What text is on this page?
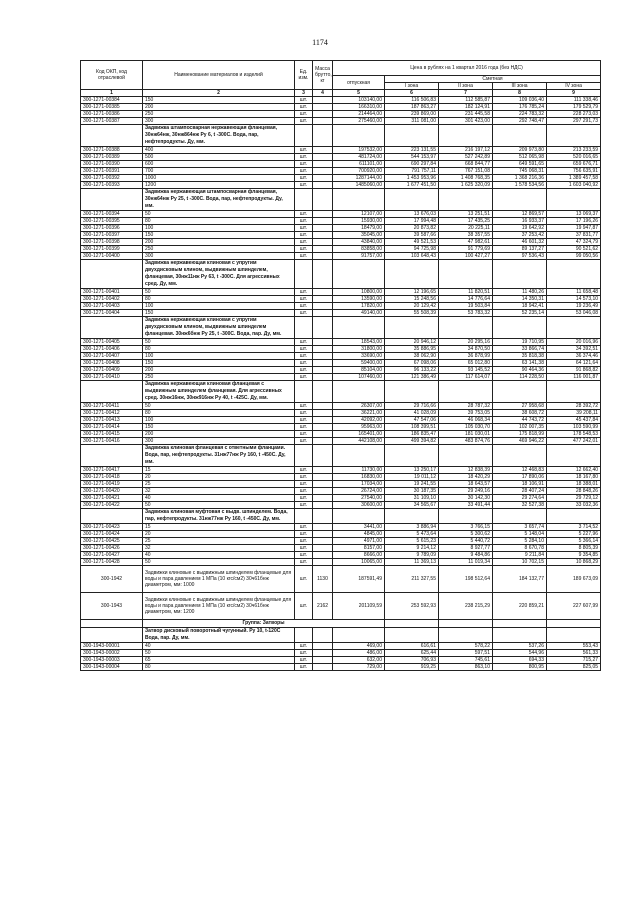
1174
Код ОКП, код отраслевой	Наименование материалов и изделий	Ед. изм.	Масса брутто, кг	Цена в рублях на 1 квартал 2016 года (без НДС)				
				отпускная	Сметная			
					I зона	II зона	III зона	IV зона

1	2	3	4	5	6	7	8	9
300-1271-00384	150	шт.		103140,00	116 506,83	112 585,87	109 036,40	111 338,46
300-1271-00385	200	шт.		166310,00	187 863,27	182 124,91	176 785,24	179 529,79
300-1271-00386	250	шт.		214464,00	239 869,00	231 445,58	224 783,32	228 273,03
300-1271-00387	300	шт.		275460,00	311 081,00	301 423,00	292 748,47	297 291,73
	Задвижка штампосварная нержавеющая фланцевая, 30нж64нж, 30нж864нж Ру 6, t -300С. Вода, пар, нефтепродукты. Ду, мм.							
300-1271-00388	400	шт.		197532,00	223 131,55	216 197,12	209 973,80	213 233,59
300-1271-00389	500	шт.		481724,00	544 153,97	527 242,89	512 065,98	520 016,65
300-1271-00390	600	шт.		611101,00	690 297,84	668 844,77	649 591,65	659 676,71
300-1271-00391	700	шт.		700920,00	791 757,11	767 151,08	745 068,31	756 635,91
300-1271-00392	1000	шт.		1287144,00	1 453 953,96	1 408 768,35	1 368 216,36	1 389 457,58
300-1271-00393	1200	шт.		1485060,00	1 677 451,50	1 625 320,09	1 578 534,56	1 603 040,92
	Задвижка нержавеющая штампосварная фланцевая, 30нж64нж Ру 25, t -300С. Вода, пар, нефтепродукты. Ду, мм.							
300-1271-00394	50	шт.		12107,00	13 676,03	13 251,51	12 869,57	13 069,37
300-1271-00395	80	шт.		15930,00	17 994,48	17 435,25	16 933,37	17 196,26
300-1271-00396	100	шт.		18479,00	20 873,82	20 225,11	19 642,92	19 947,87
300-1271-00397	150	шт.		35045,00	39 587,66	38 357,55	37 253,42	37 831,77
300-1271-00398	200	шт.		43840,00	49 521,53	47 982,61	46 601,32	47 324,79
300-1271-00399	250	шт.		83858,00	94 725,98	91 779,69	89 137,27	90 521,62
300-1271-00400	300	шт.		91757,00	103 648,43	100 427,27	97 536,43	99 050,56
	Задвижка нержавеющая клиновая с упругим двухдисковым клином, выдвижным шпинделем, фланцевая, 30нж11нж Ру 63, t -300С. Для агрессивных сред. Ду, мм.							
300-1271-00401	50	шт.		10800,00	12 196,65	11 820,51	11 480,26	11 658,48
300-1271-00402	80	шт.		13590,00	15 248,56	14 776,64	14 350,31	14 573,10
300-1271-00403	100	шт.		17820,00	20 129,42	19 503,84	18 942,41	19 236,49
300-1271-00404	150	шт.		49140,00	55 508,39	53 783,32	52 235,14	53 046,08
	Задвижка нержавеющая клиновая с упругим двухдисковым клином, выдвижным шпинделем фланцевая. 30нж6бнж Ру 25, t -300С. Вода, пар. Ду, мм.							
300-1271-00405	50	шт.		18543,00	20 946,12	20 295,16	19 710,95	20 016,96
300-1271-00406	80	шт.		31800,00	35 886,95	34 870,50	33 866,74	34 392,51
300-1271-00407	100	шт.		33690,00	38 062,90	36 878,99	35 818,38	36 374,46
300-1271-00408	150	шт.		59400,00	67 098,06	65 012,80	63 141,38	64 121,64
300-1271-00409	200	шт.		85104,00	96 133,22	93 145,52	90 464,36	91 868,82
300-1271-00410	250	шт.		107460,00	121 386,49	117 614,07	114 228,50	116 001,87
	Задвижка нержавеющая клиновая фланцевая с выдвижным шпинделем фланцевая. Для агрессивных сред. 30нж16нж, 30нж916нж Ру 40, t -425С. Ду, мм.							
300-1271-00411	50	шт.		26307,00	29 716,66	28 787,32	27 958,68	28 392,72
300-1271-00412	80	шт.		36221,00	41 028,09	39 753,05	38 608,72	39 208,11
300-1271-00413	100	шт.		42092,00	47 547,06	46 068,34	44 743,72	45 437,84
300-1271-00414	150	шт.		95963,00	108 399,51	105 030,70	102 007,35	103 590,99
300-1271-00415	200	шт.		165401,00	186 835,47	181 030,01	175 818,99	178 548,53
300-1271-00416	300	шт.		442108,00	499 394,82	483 874,76	469 946,22	477 242,01
	Задвижка клиновая фланцевая с ответными фланцами. Вода, пар, нефтепродукты. 31нж77нж Ру 160, t -450С. Ду, мм.							
300-1271-00417	15	шт.		11730,00	13 250,17	12 838,39	12 468,83	12 662,40
300-1271-00418	20	шт.		16830,00	19 011,12	18 420,29	17 890,06	18 167,80
300-1271-00419	25	шт.		17034,00	19 241,55	18 643,57	18 106,91	18 388,01
300-1271-00420	32	шт.		26724,00	30 187,35	29 249,16	28 407,24	28 848,26
300-1271-00421	40	шт.		27540,00	31 109,10	30 142,30	29 274,64	29 729,12
300-1271-00422	50	шт.		30600,00	34 565,67	33 491,44	32 527,38	33 032,36
	Задвижка клиновая муфтовая с выдв. шпинделем. Вода, пар, нефтепродукты. 31нж77нж Ру 160, t -450С. Ду, мм.							
300-1271-00423	15	шт.		3441,00	3 886,94	3 766,15	3 657,74	3 714,52
300-1271-00424	20	шт.		4845,00	5 473,64	5 300,62	5 148,04	5 227,96
300-1271-00425	25	шт.		4971,00	5 615,23	5 440,72	5 284,10	5 366,14
300-1271-00426	32	шт.		8157,00	9 214,12	8 927,77	8 670,78	8 805,39
300-1271-00427	40	шт.		8666,00	9 789,09	9 484,86	9 211,84	9 354,85
300-1271-00428	50	шт.		10065,00	11 369,13	11 019,34	10 702,15	10 868,29
300-1942	Задвижки клиновые с выдвижным шпинделем фланцевые для воды и пара давлением 1 МПа (10 кгс/см2) 30ч61бнж диаметром, мм: 1000	шт.	1130	187591,49	211 327,55	198 512,64	184 132,77	189 673,09
300-1943	Задвижки клиновые с выдвижным шпинделем фланцевые для воды и пара давлением 1 МПа (10 кгс/см2) 30ч61бнж диаметром, мм: 1200	шт.	2162	201109,59	253 592,93	238 215,29	220 859,21	227 607,99
	Группа: Затворы							
	Затвор дисковый поворотный чугунный. Ру 10, t-120С Вода, пар. Ду, мм.							
300-1943-00001	40	шт.		469,00	616,61	578,22	537,26	553,43
300-1943-00002	50	шт.		486,00	625,44	597,51	544,96	561,33
300-1943-00003	65	шт.		632,00	706,93	745,61	694,33	715,27
300-1943-00004	80	шт.		729,00	919,25	863,10	800,95	825,05
